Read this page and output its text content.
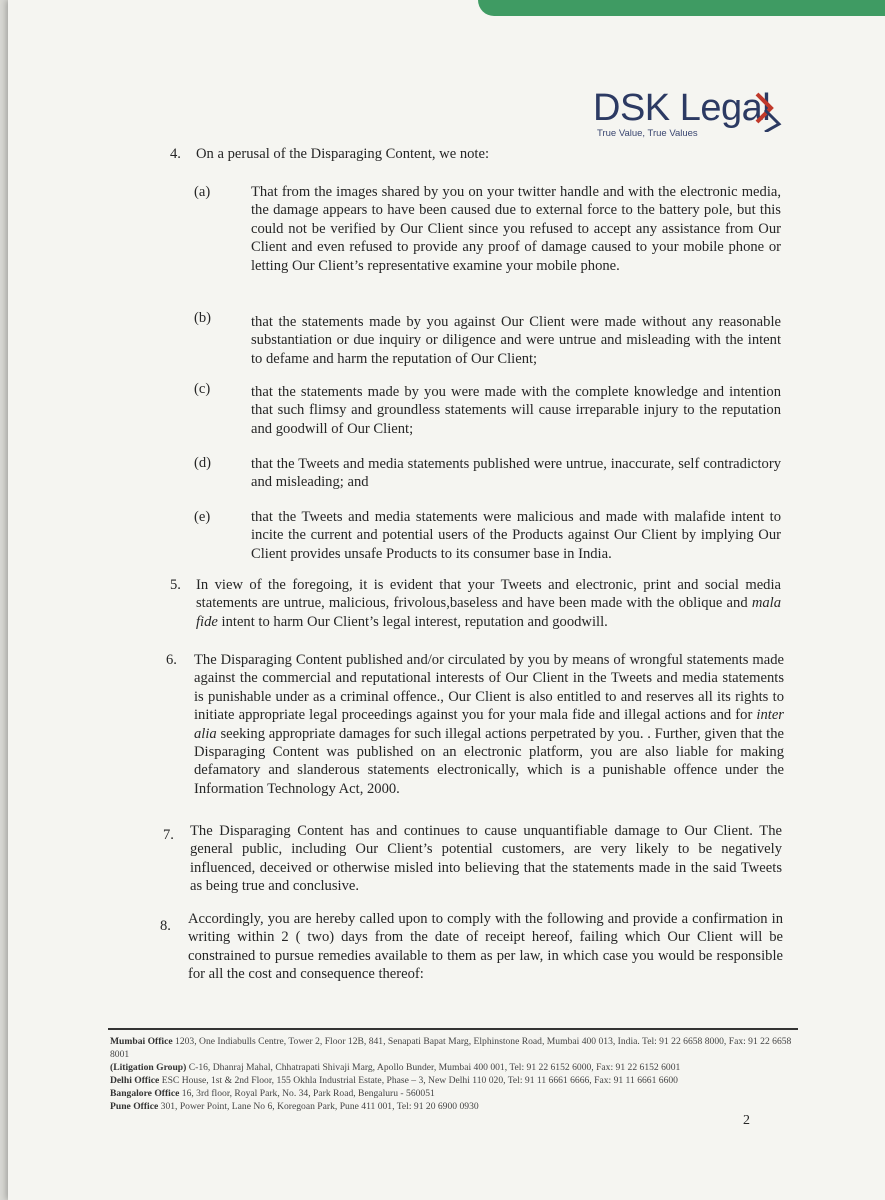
DSK Legal
True Value, True Values
4. On a perusal of the Disparaging Content, we note:
(a)	That from the images shared by you on your twitter handle and with the electronic media, the damage appears to have been caused due to external force to the battery pole, but this could not be verified by Our Client since you refused to accept any assistance from Our Client and even refused to provide any proof of damage caused to your mobile phone or letting Our Client’s representative examine your mobile phone.
(b)	that the statements made by you against Our Client were made without any reasonable substantiation or due inquiry or diligence and were untrue and misleading with the intent to defame and harm the reputation of Our Client;
(c)	that the statements made by you were made with the complete knowledge and intention that such flimsy and groundless statements will cause irreparable injury to the reputation and goodwill of Our Client;
(d)	that the Tweets and media statements published were untrue, inaccurate, self contradictory and misleading; and
(e)	that the Tweets and media statements were malicious and made with malafide intent to incite the current and potential users of the Products against Our Client by implying Our Client provides unsafe Products to its consumer base in India.
5. In view of the foregoing, it is evident that your Tweets and electronic, print and social media statements are untrue, malicious, frivolous,baseless and have been made with the oblique and mala fide intent to harm Our Client’s legal interest, reputation and goodwill.
6. The Disparaging Content published and/or circulated by you by means of wrongful statements made against the commercial and reputational interests of Our Client in the Tweets and media statements is punishable under as a criminal offence., Our Client is also entitled to and reserves all its rights to initiate appropriate legal proceedings against you for your mala fide and illegal actions and for inter alia seeking appropriate damages for such illegal actions perpetrated by you. . Further, given that the Disparaging Content was published on an electronic platform, you are also liable for making defamatory and slanderous statements electronically, which is a punishable offence under the Information Technology Act, 2000.
7. The Disparaging Content has and continues to cause unquantifiable damage to Our Client. The general public, including Our Client’s potential customers, are very likely to be negatively influenced, deceived or otherwise misled into believing that the statements made in the said Tweets as being true and conclusive.
8. Accordingly, you are hereby called upon to comply with the following and provide a confirmation in writing within 2 ( two) days from the date of receipt hereof, failing which Our Client will be constrained to pursue remedies available to them as per law, in which case you would be responsible for all the cost and consequence thereof:
Mumbai Office 1203, One Indiabulls Centre, Tower 2, Floor 12B, 841, Senapati Bapat Marg, Elphinstone Road, Mumbai 400 013, India. Tel: 91 22 6658 8000, Fax: 91 22 6658 8001
(Litigation Group) C-16, Dhanraj Mahal, Chhatrapati Shivaji Marg, Apollo Bunder, Mumbai 400 001, Tel: 91 22 6152 6000, Fax: 91 22 6152 6001
Delhi Office ESC House, 1st & 2nd Floor, 155 Okhla Industrial Estate, Phase – 3, New Delhi 110 020, Tel: 91 11 6661 6666, Fax: 91 11 6661 6600
Bangalore Office 16, 3rd floor, Royal Park, No. 34, Park Road, Bengaluru - 560051
Pune Office 301, Power Point, Lane No 6, Koregoan Park, Pune 411 001, Tel: 91 20 6900 0930
2
